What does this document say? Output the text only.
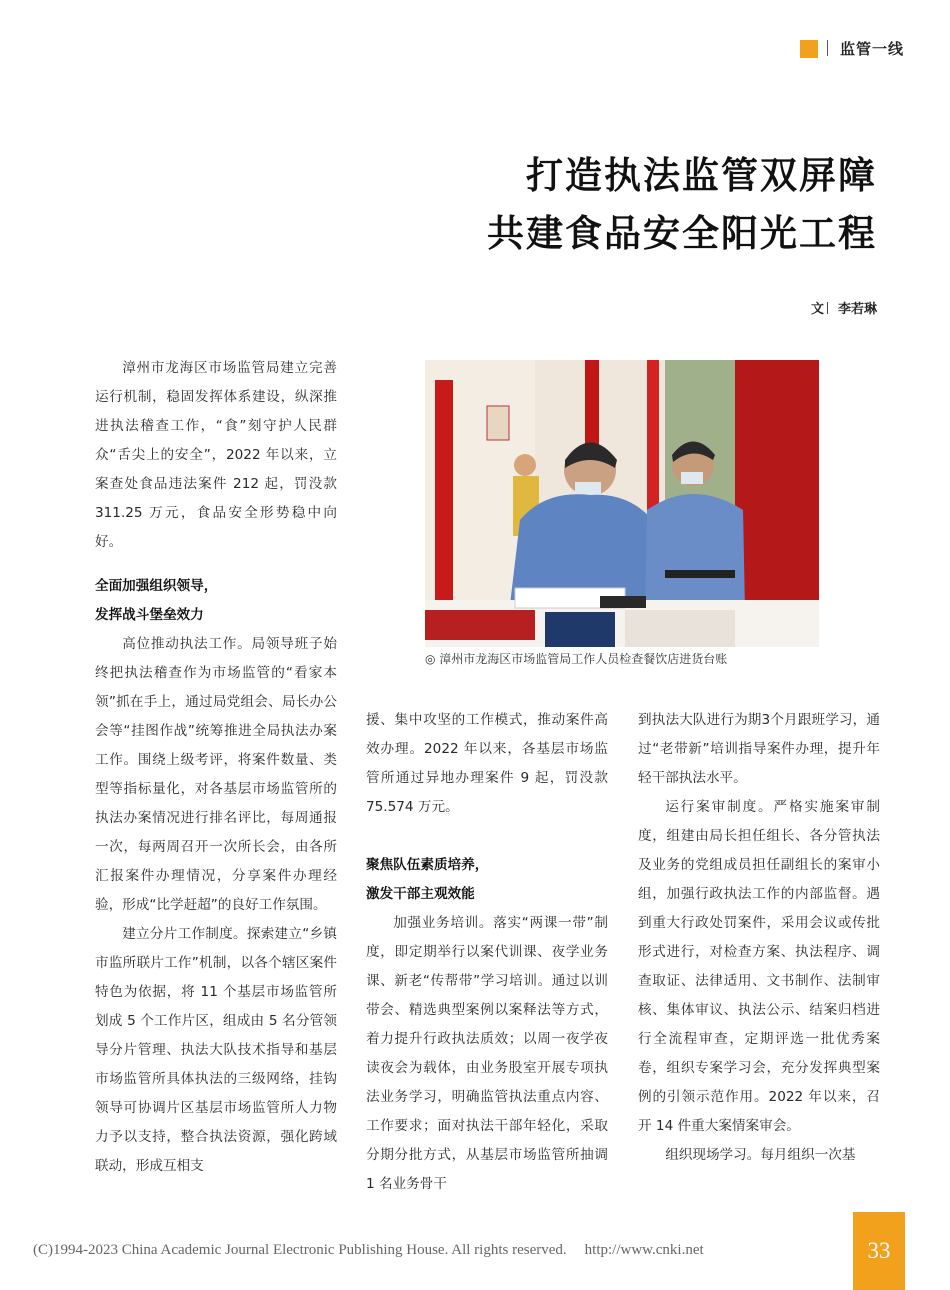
监管一线
打造执法监管双屏障
共建食品安全阳光工程
文 李若琳

漳州市龙海区市场监管局建立完善运行机制，稳固发挥体系建设，纵深推进执法稽查工作，“食”刻守护人民群众“舌尖上的安全”，2022 年以来，立案查处食品违法案件 212 起，罚没款 311.25 万元，食品安全形势稳中向好。

全面加强组织领导，
发挥战斗堡垒效力

高位推动执法工作。局领导班子始终把执法稽查作为市场监管的“看家本领”抓在手上，通过局党组会、局长办公会等“挂图作战”统筹推进全局执法办案工作。围绕上级考评，将案件数量、类型等指标量化，对各基层市场监管所的执法办案情况进行排名评比，每周通报一次，每两周召开一次所长会，由各所汇报案件办理情况，分享案件办理经验，形成“比学赶超”的良好工作氛围。

建立分片工作制度。探索建立“乡镇市监所联片工作”机制，以各个辖区案件特色为依据，将 11 个基层市场监管所划成 5 个工作片区，组成由 5 名分管领导分片管理、执法大队技术指导和基层市场监管所具体执法的三级网络，挂钩领导可协调片区基层市场监管所人力物力予以支持，整合执法资源，强化跨域联动，形成互相支

◎ 漳州市龙海区市场监管局工作人员检查餐饮店进货台账

援、集中攻坚的工作模式，推动案件高效办理。2022 年以来，各基层市场监管所通过异地办理案件 9 起，罚没款 75.574 万元。

聚焦队伍素质培养，
激发干部主观效能

加强业务培训。落实“两课一带”制度，即定期举行以案代训课、夜学业务课、新老“传帮带”学习培训。通过以训带会、精选典型案例以案释法等方式，着力提升行政执法质效；以周一夜学夜读夜会为载体，由业务股室开展专项执法业务学习，明确监管执法重点内容、工作要求；面对执法干部年轻化，采取分期分批方式，从基层市场监管所抽调 1 名业务骨干

到执法大队进行为期3个月跟班学习，通过“老带新”培训指导案件办理，提升年轻干部执法水平。

运行案审制度。严格实施案审制度，组建由局长担任组长、各分管执法及业务的党组成员担任副组长的案审小组，加强行政执法工作的内部监督。遇到重大行政处罚案件，采用会议或传批形式进行，对检查方案、执法程序、调查取证、法律适用、文书制作、法制审核、集体审议、执法公示、结案归档进行全流程审查，定期评选一批优秀案卷，组织专案学习会，充分发挥典型案例的引领示范作用。2022 年以来，召开 14 件重大案情案审会。

组织现场学习。每月组织一次基

(C)1994-2023 China Academic Journal Electronic Publishing House. All rights reserved. http://www.cnki.net	33
